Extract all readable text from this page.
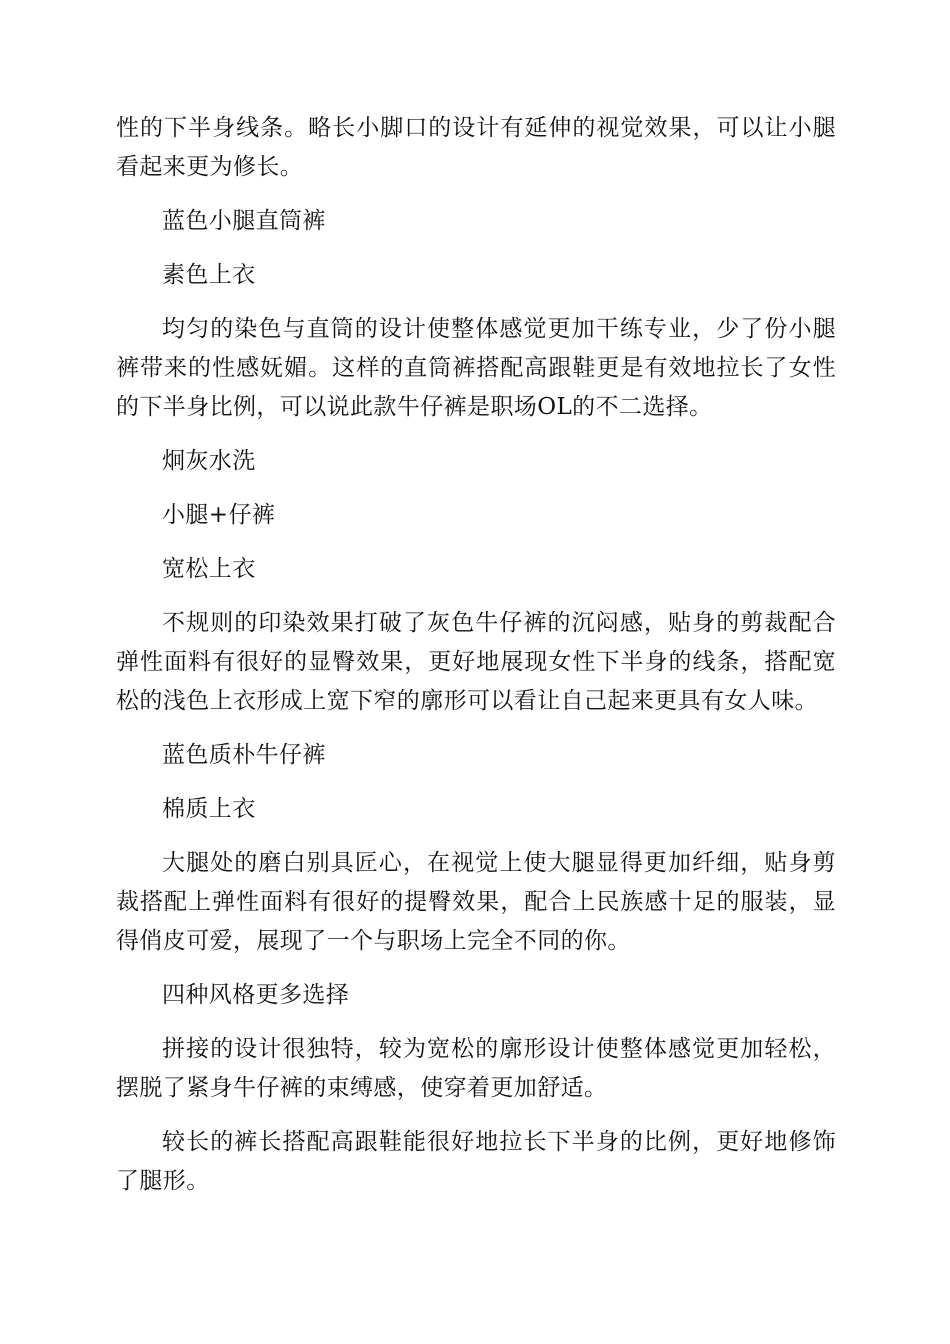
性的下半身线条。略长小脚口的设计有延伸的视觉效果，可以让小腿看起来更为修长。

蓝色小腿直筒裤

素色上衣

均匀的染色与直筒的设计使整体感觉更加干练专业，少了份小腿裤带来的性感妩媚。这样的直筒裤搭配高跟鞋更是有效地拉长了女性的下半身比例，可以说此款牛仔裤是职场OL的不二选择。

炯灰水洗

小腿+仔裤

宽松上衣

不规则的印染效果打破了灰色牛仔裤的沉闷感，贴身的剪裁配合弹性面料有很好的显臀效果，更好地展现女性下半身的线条，搭配宽松的浅色上衣形成上宽下窄的廓形可以看让自己起来更具有女人味。

蓝色质朴牛仔裤

棉质上衣

大腿处的磨白别具匠心，在视觉上使大腿显得更加纤细，贴身剪裁搭配上弹性面料有很好的提臀效果，配合上民族感十足的服装，显得俏皮可爱，展现了一个与职场上完全不同的你。

四种风格更多选择

拼接的设计很独特，较为宽松的廓形设计使整体感觉更加轻松，摆脱了紧身牛仔裤的束缚感，使穿着更加舒适。

较长的裤长搭配高跟鞋能很好地拉长下半身的比例，更好地修饰了腿形。
